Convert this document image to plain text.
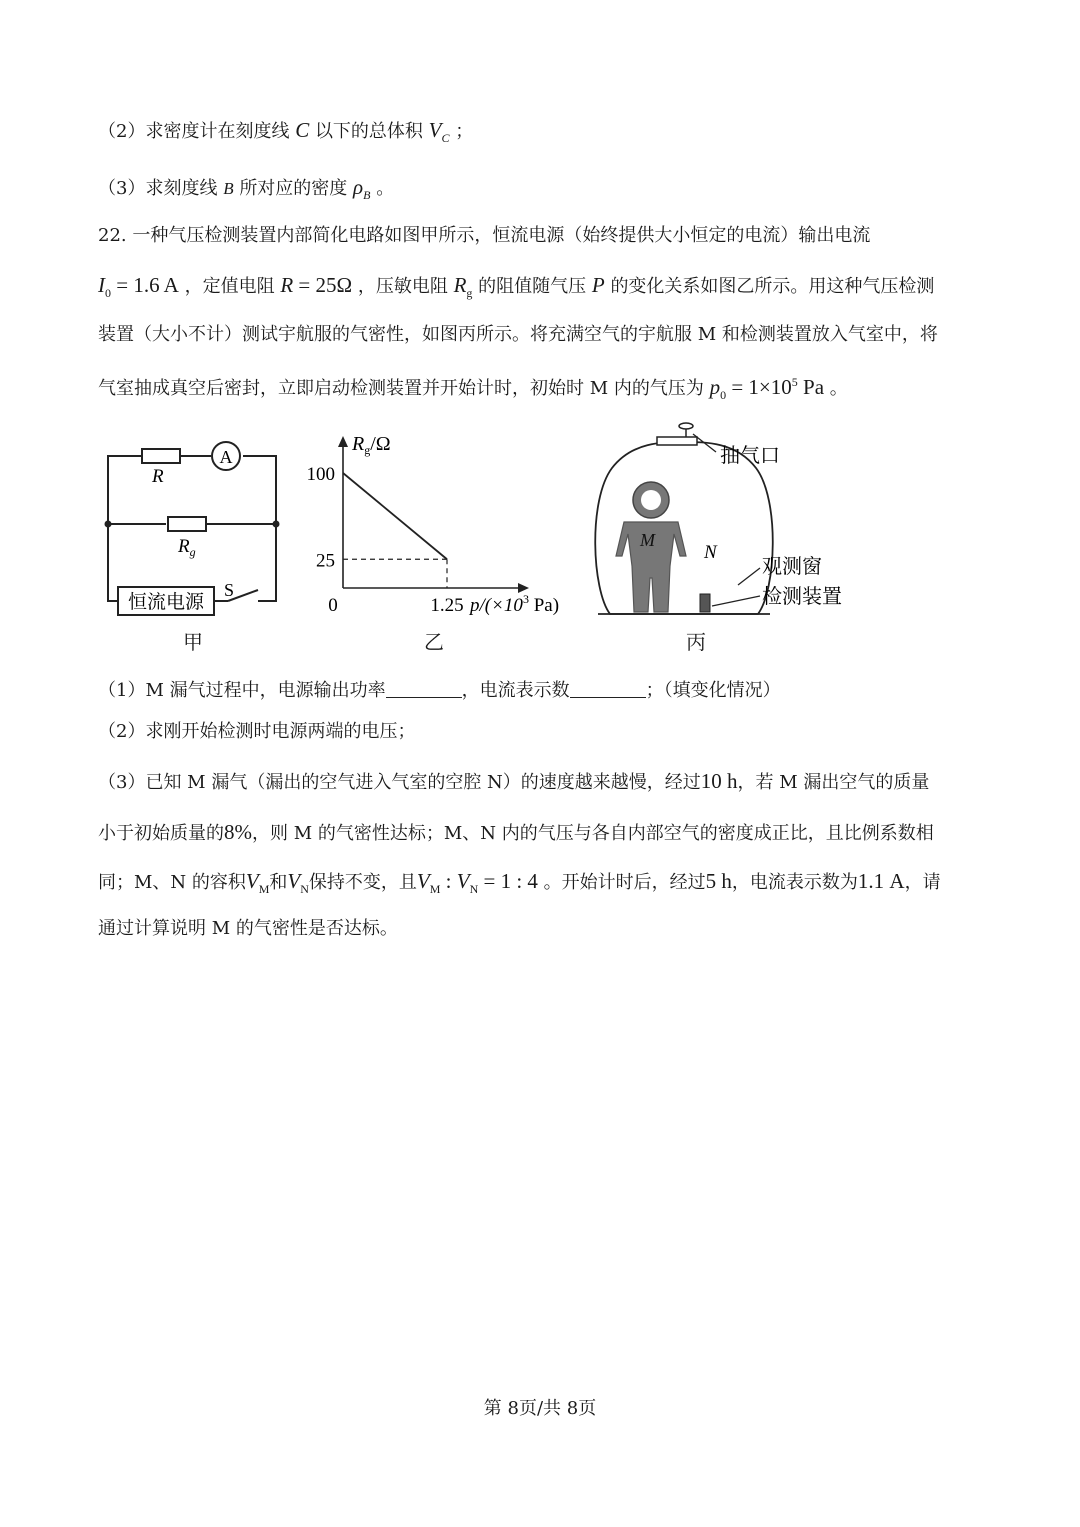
（2）求密度计在刻度线 C 以下的总体积 $V_C$ ；
（3）求刻度线 B 所对应的密度 $\rho_B$ 。
22. 一种气压检测装置内部简化电路如图甲所示，恒流电源（始终提供大小恒定的电流）输出电流
$I_0 = 1.6$ A ，定值电阻 R = 25Ω ，压敏电阻 $R_g$ 的阻值随气压 P 的变化关系如图乙所示。用这种气压检测
装置（大小不计）测试宇航服的气密性，如图丙所示。将充满空气的宇航服 M 和检测装置放入气室中，将
气室抽成真空后密封，立即启动检测装置并开始计时，初始时 M 内的气压为 $p_0 = 1\times 10^5$ Pa 。
A
R
$R_g$
恒流电源
S
$R_g/\Omega$
100
25
0	1.25 $p/(\times 10^3$ Pa)
M
N
抽气口
观测窗
检测装置
甲	乙	丙
（1）M 漏气过程中，电源输出功率	，电流表示数	；（填变化情况）
（2）求刚开始检测时电源两端的电压；
（3）已知 M 漏气（漏出的空气进入气室的空腔 N）的速度越来越慢，经过10 h，若 M 漏出空气的质量
小于初始质量的8%，则 M 的气密性达标；M、N 内的气压与各自内部空气的密度成正比，且比例系数相
同；M、N 的容积$V_M$和$V_N$保持不变，且$V_M$ : $V_N = 1$ : 4 。开始计时后，经过5 h，电流表示数为1.1 A，请
通过计算说明 M 的气密性是否达标。
第 8页/共 8页
